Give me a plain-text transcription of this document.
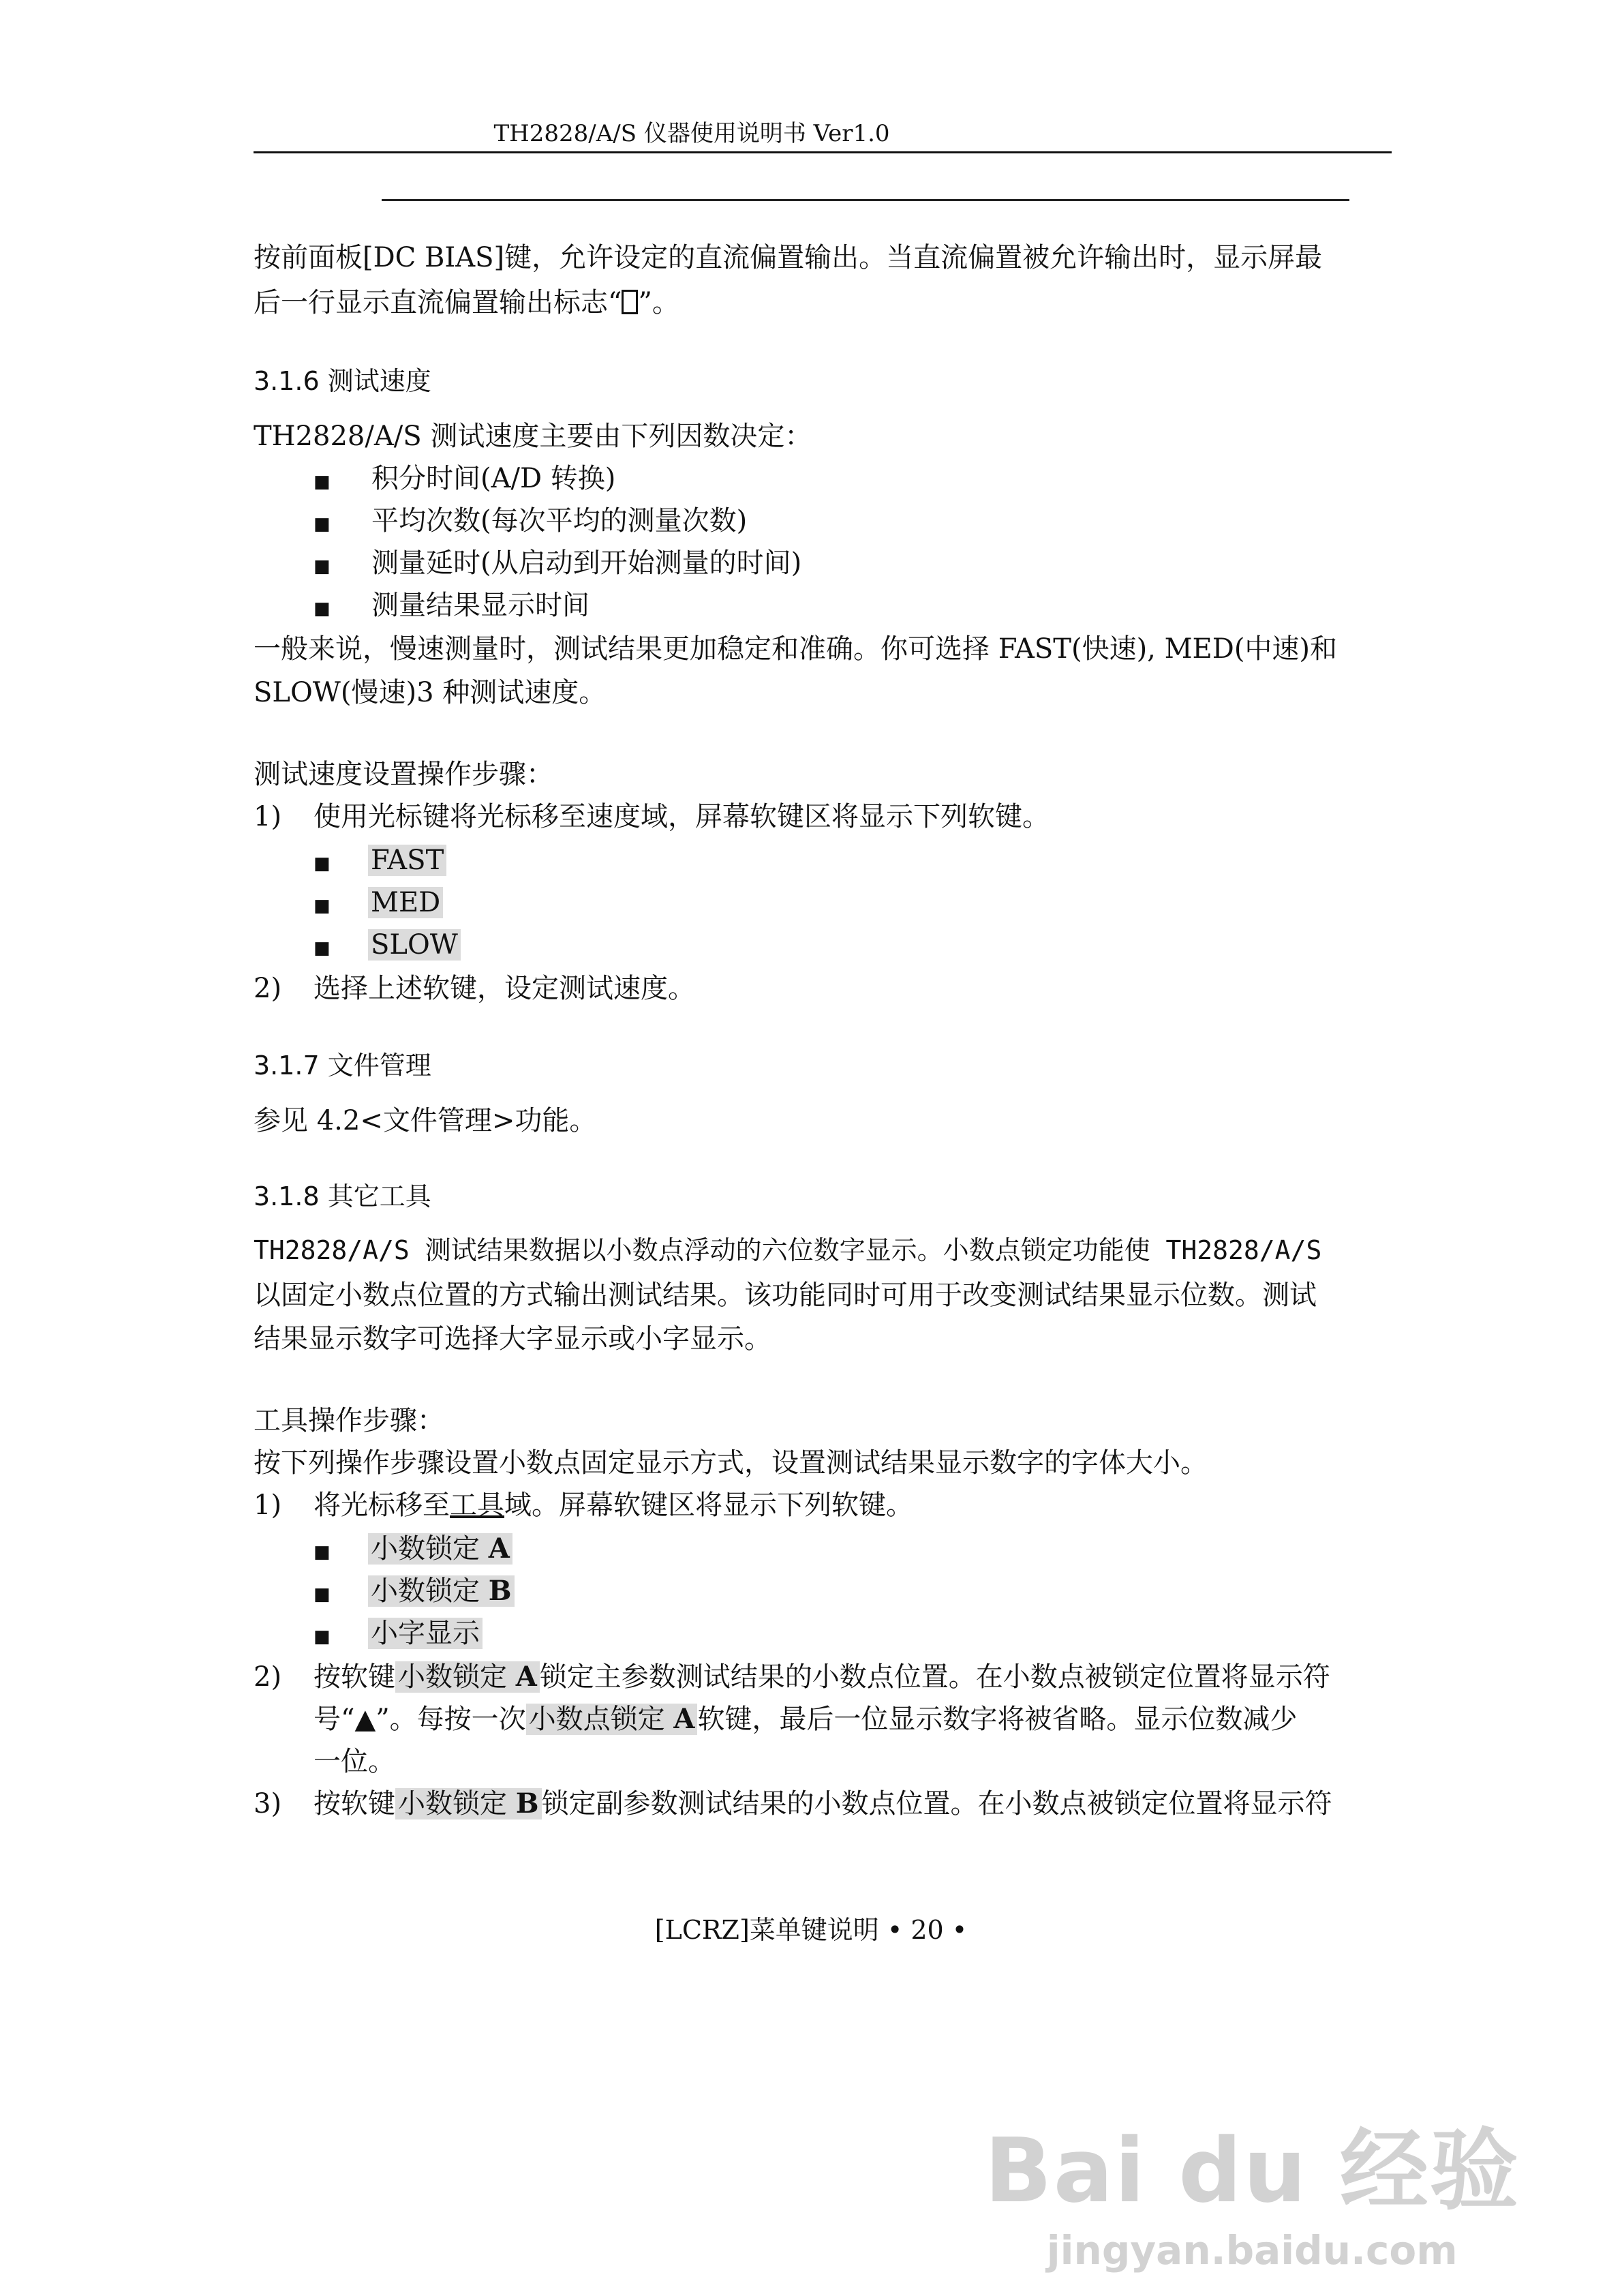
TH2828/A/S 仪器使用说明书 Ver1.0
按前面板[DC BIAS]键，允许设定的直流偏置输出。当直流偏置被允许输出时，显示屏最
后一行显示直流偏置输出标志“ ”。
3.1.6 测试速度
TH2828/A/S 测试速度主要由下列因数决定：
■ 积分时间(A/D 转换)
■ 平均次数(每次平均的测量次数)
■ 测量延时(从启动到开始测量的时间)
■ 测量结果显示时间
一般来说，慢速测量时，测试结果更加稳定和准确。你可选择 FAST(快速), MED(中速)和
SLOW(慢速)3 种测试速度。
测试速度设置操作步骤：
1) 使用光标键将光标移至速度域，屏幕软键区将显示下列软键。
■ FAST
■ MED
■ SLOW
2) 选择上述软键，设定测试速度。
3.1.7 文件管理
参见 4.2<文件管理>功能。
3.1.8 其它工具
TH2828/A/S 测试结果数据以小数点浮动的六位数字显示。小数点锁定功能使 TH2828/A/S
以固定小数点位置的方式输出测试结果。该功能同时可用于改变测试结果显示位数。测试
结果显示数字可选择大字显示或小字显示。
工具操作步骤：
按下列操作步骤设置小数点固定显示方式，设置测试结果显示数字的字体大小。
1) 将光标移至工具域。屏幕软键区将显示下列软键。
■ 小数锁定 A
■ 小数锁定 B
■ 小字显示
2) 按软键 小数锁定 A 锁定主参数测试结果的小数点位置。在小数点被锁定位置将显示符
号“▲”。每按一次 小数点锁定 A 软键，最后一位显示数字将被省略。显示位数减少
一位。
3) 按软键 小数锁定 B 锁定副参数测试结果的小数点位置。在小数点被锁定位置将显示符
[LCRZ]菜单键说明 • 20 •
Bai du 经验
jingyan.baidu.com
